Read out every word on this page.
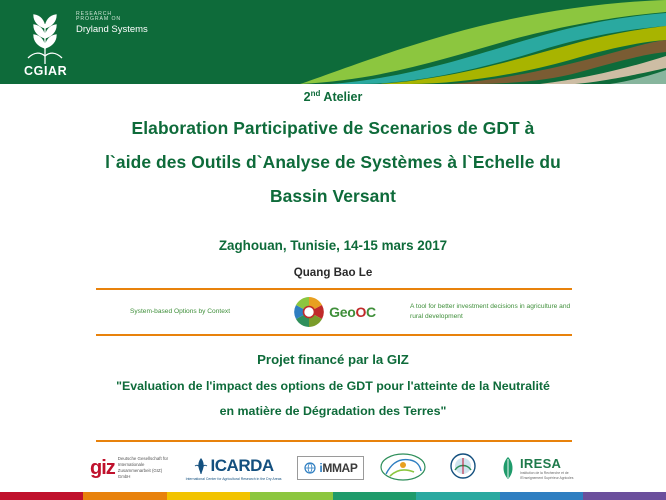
RESEARCH
PROGRAM ON
Dryland Systems
CGIAR
2nd Atelier
Elaboration Participative de Scenarios de GDT à
l`aide des Outils d`Analyse de Systèmes à l`Echelle du
Bassin Versant
Zaghouan, Tunisie, 14-15 mars 2017
Quang Bao Le
System-based Options by Context	GeoOC	A tool for better investment decisions in agriculture and rural development
Projet financé par la GIZ
"Evaluation de l'impact des options de GDT pour l'atteinte de la Neutralité
en matière de Dégradation des Terres"
giz Deutsche Gesellschaft für Internationale Zusammenarbeit (GIZ) GmbH
ICARDA
International Center for Agricultural Research in the Dry Areas
iMMAP	IRESA
Institution de la Recherche et de l'Enseignement Supérieur Agricoles
